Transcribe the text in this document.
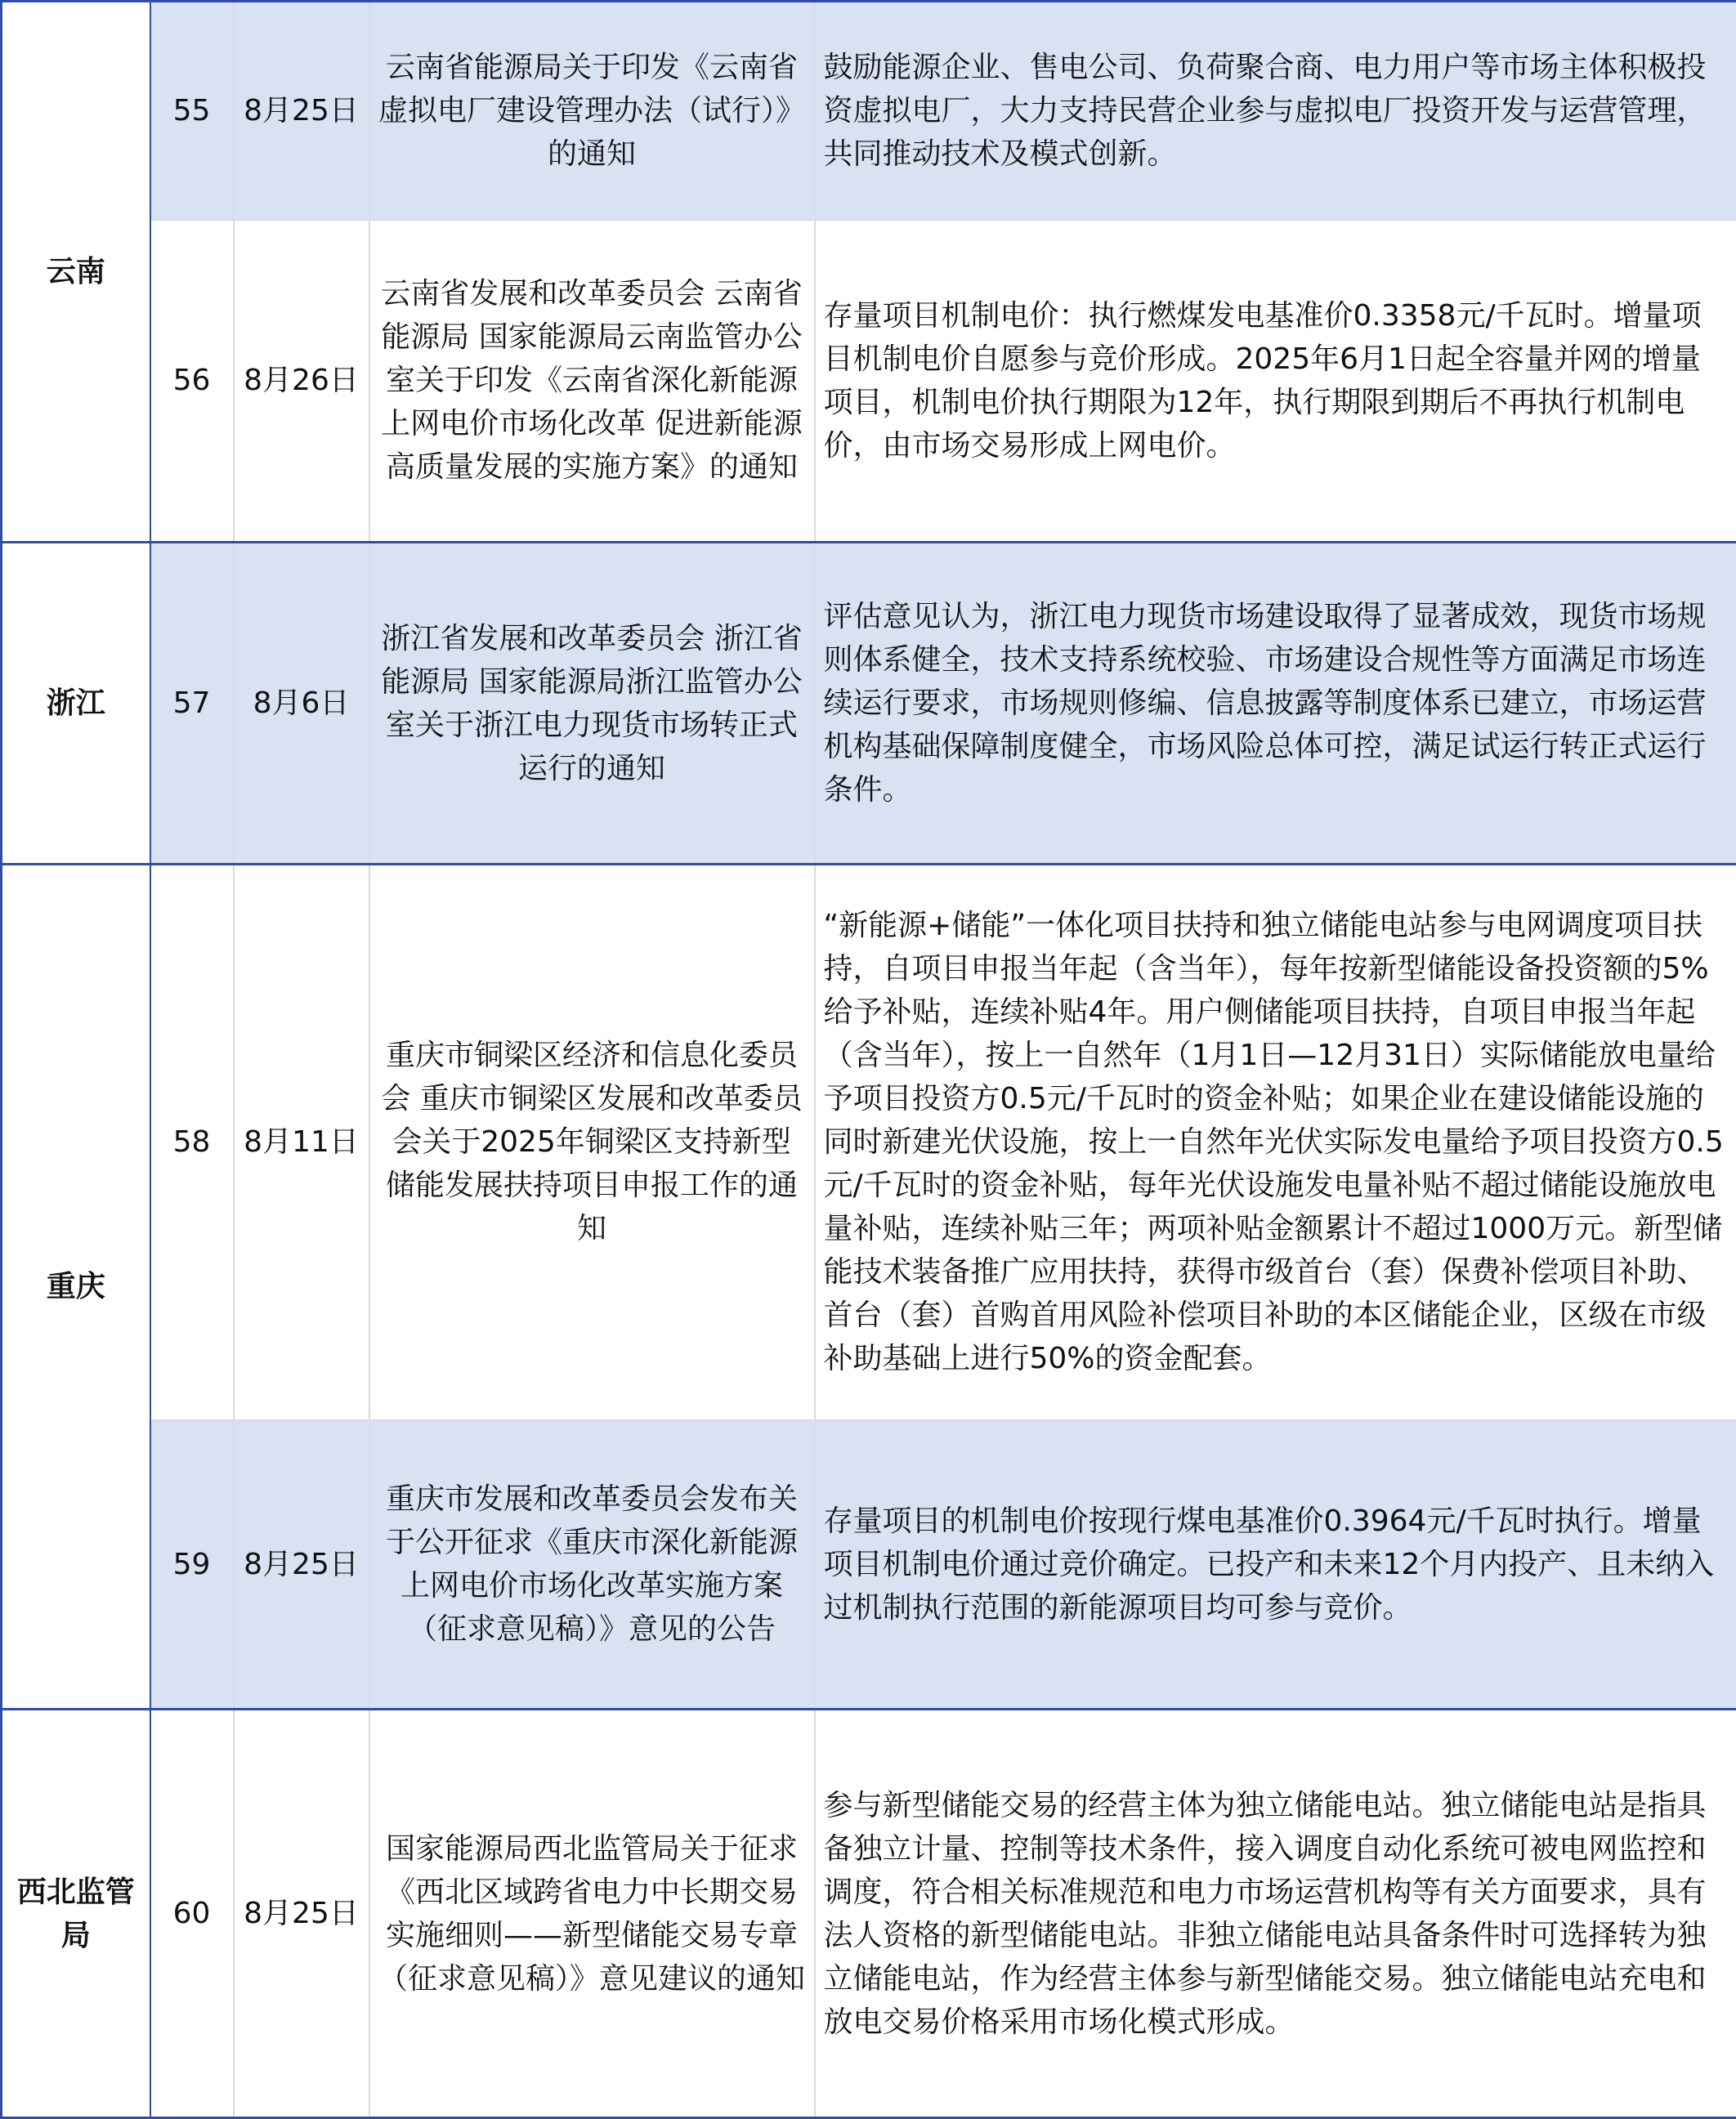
云南	55	8月25日	云南省能源局关于印发《云南省虚拟电厂建设管理办法（试行）》的通知	鼓励能源企业、售电公司、负荷聚合商、电力用户等市场主体积极投资虚拟电厂，大力支持民营企业参与虚拟电厂投资开发与运营管理，共同推动技术及模式创新。
	56	8月26日	云南省发展和改革委员会 云南省能源局 国家能源局云南监管办公室关于印发《云南省深化新能源上网电价市场化改革 促进新能源高质量发展的实施方案》的通知	存量项目机制电价：执行燃煤发电基准价0.3358元/千瓦时。增量项目机制电价自愿参与竞价形成。2025年6月1日起全容量并网的增量项目，机制电价执行期限为12年，执行期限到期后不再执行机制电价，由市场交易形成上网电价。
浙江	57	8月6日	浙江省发展和改革委员会 浙江省能源局 国家能源局浙江监管办公室关于浙江电力现货市场转正式运行的通知	评估意见认为，浙江电力现货市场建设取得了显著成效，现货市场规则体系健全，技术支持系统校验、市场建设合规性等方面满足市场连续运行要求，市场规则修编、信息披露等制度体系已建立，市场运营机构基础保障制度健全，市场风险总体可控，满足试运行转正式运行条件。
重庆	58	8月11日	重庆市铜梁区经济和信息化委员会 重庆市铜梁区发展和改革委员会关于2025年铜梁区支持新型储能发展扶持项目申报工作的通知	“新能源+储能”一体化项目扶持和独立储能电站参与电网调度项目扶持，自项目申报当年起（含当年），每年按新型储能设备投资额的5%给予补贴，连续补贴4年。用户侧储能项目扶持，自项目申报当年起（含当年），按上一自然年（1月1日—12月31日）实际储能放电量给予项目投资方0.5元/千瓦时的资金补贴；如果企业在建设储能设施的同时新建光伏设施，按上一自然年光伏实际发电量给予项目投资方0.5元/千瓦时的资金补贴，每年光伏设施发电量补贴不超过储能设施放电量补贴，连续补贴三年；两项补贴金额累计不超过1000万元。新型储能技术装备推广应用扶持，获得市级首台（套）保费补偿项目补助、首台（套）首购首用风险补偿项目补助的本区储能企业，区级在市级补助基础上进行50%的资金配套。
	59	8月25日	重庆市发展和改革委员会发布关于公开征求《重庆市深化新能源上网电价市场化改革实施方案（征求意见稿）》意见的公告	存量项目的机制电价按现行煤电基准价0.3964元/千瓦时执行。增量项目机制电价通过竞价确定。已投产和未来12个月内投产、且未纳入过机制执行范围的新能源项目均可参与竞价。
西北监管局	60	8月25日	国家能源局西北监管局关于征求《西北区域跨省电力中长期交易实施细则——新型储能交易专章（征求意见稿）》意见建议的通知	参与新型储能交易的经营主体为独立储能电站。独立储能电站是指具备独立计量、控制等技术条件，接入调度自动化系统可被电网监控和调度，符合相关标准规范和电力市场运营机构等有关方面要求，具有法人资格的新型储能电站。非独立储能电站具备条件时可选择转为独立储能电站，作为经营主体参与新型储能交易。独立储能电站充电和放电交易价格采用市场化模式形成。
